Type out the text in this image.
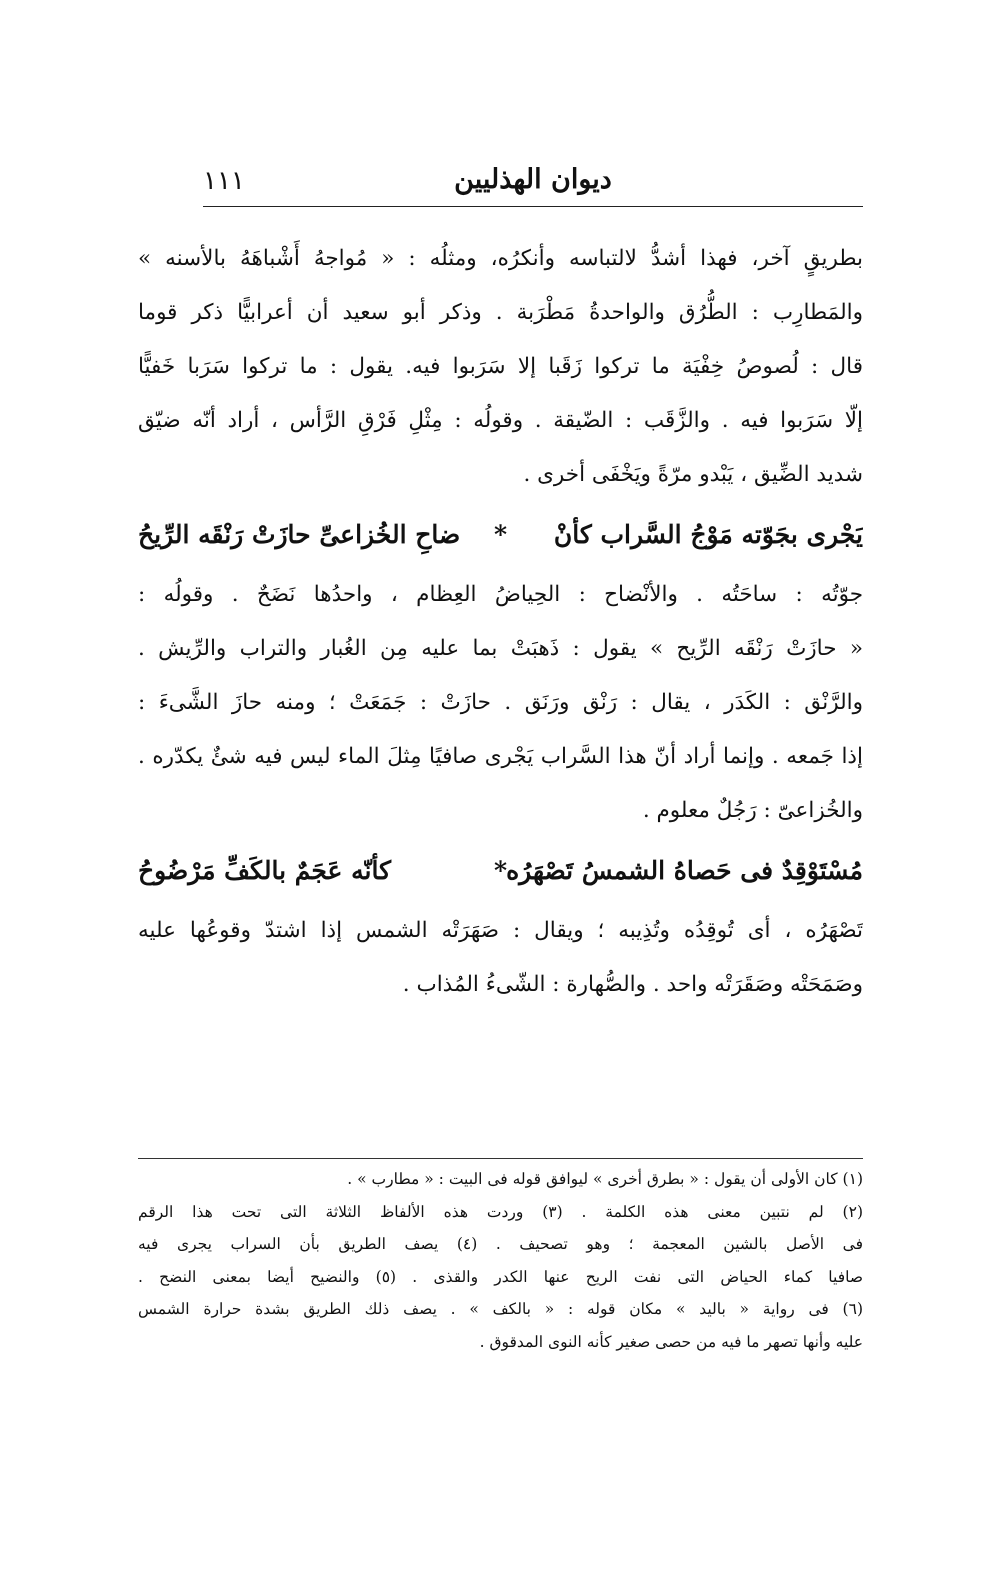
١١١	ديوان الهذليين
بطريقٍ آخر، فهذا أشدُّ لالتباسه وأنكرُه، ومثلُه : « مُواجهُ أَشْباهَهُ بالأسنه »
والمَطارِب : الطُّرُق والواحدةُ مَطْرَبة . وذكر أبو سعيد أن أعرابيًّا ذكر قوما
قال : لُصوصُ خِفْيَة ما تركوا زَقَبا إلا سَرَبوا فيه. يقول : ما تركوا سَرَبا خَفيًّا
إلّا سَرَبوا فيه . والزَّقَب : الضّيقة . وقولُه : مِثْلِ فَرْقِ الرَّأس ، أراد أنّه ضيّق
شديد الضِّيق ، يَبْدو مرّةً ويَخْفَى أخرى .
يَجْرى بجَوّته مَوْجُ السَّراب كأنْ
*
ضاحِ الخُزاعىِّ حازَتْ رَنْقَه الرِّيحُ
جوّتُه : ساحَتُه . والأنْضاح : الحِياضُ العِظام ، واحدُها نَضَحٌ . وقولُه :
« حازَتْ رَنْقَه الرِّيح » يقول : ذَهبَتْ بما عليه مِن الغُبار والتراب والرِّيش .
والرَّنْق : الكَدَر ، يقال : رَنْق ورَنَق . حازَتْ : جَمَعَتْ ؛ ومنه حازَ الشَّىءَ :
إذا جَمعه . وإنما أراد أنّ هذا السَّراب يَجْرى صافيًا مِثلَ الماء ليس فيه شئٌ يكدّره .
والخُزاعىّ : رَجُلٌ معلوم .
مُسْتَوْقِدٌ فى حَصاهُ الشمسُ تَصْهَرُه
*
كأنّه عَجَمٌ بالكَفِّ مَرْضُوحُ
تَصْهَرُه ، أى تُوقِدُه وتُذِيبه ؛ ويقال : صَهَرَتْه الشمس إذا اشتدّ وقوعُها عليه
وصَمَحَتْه وصَقَرَتْه واحد . والصُّهارة : الشّىءُ المُذاب .
(١) كان الأولى أن يقول : « بطرق أخرى » ليوافق قوله فى البيت : « مطارب » .
(٢) لم نتبين معنى هذه الكلمة . (٣) وردت هذه الألفاظ الثلاثة التى تحت هذا الرقم
فى الأصل بالشين المعجمة ؛ وهو تصحيف . (٤) يصف الطريق بأن السراب يجرى فيه
صافيا كماء الحياض التى نفت الريح عنها الكدر والقذى . (٥) والنضيح أيضا بمعنى النضح .
(٦) فى رواية « باليد » مكان قوله : « بالكف » . يصف ذلك الطريق بشدة حرارة الشمس
عليه وأنها تصهر ما فيه من حصى صغير كأنه النوى المدقوق .
